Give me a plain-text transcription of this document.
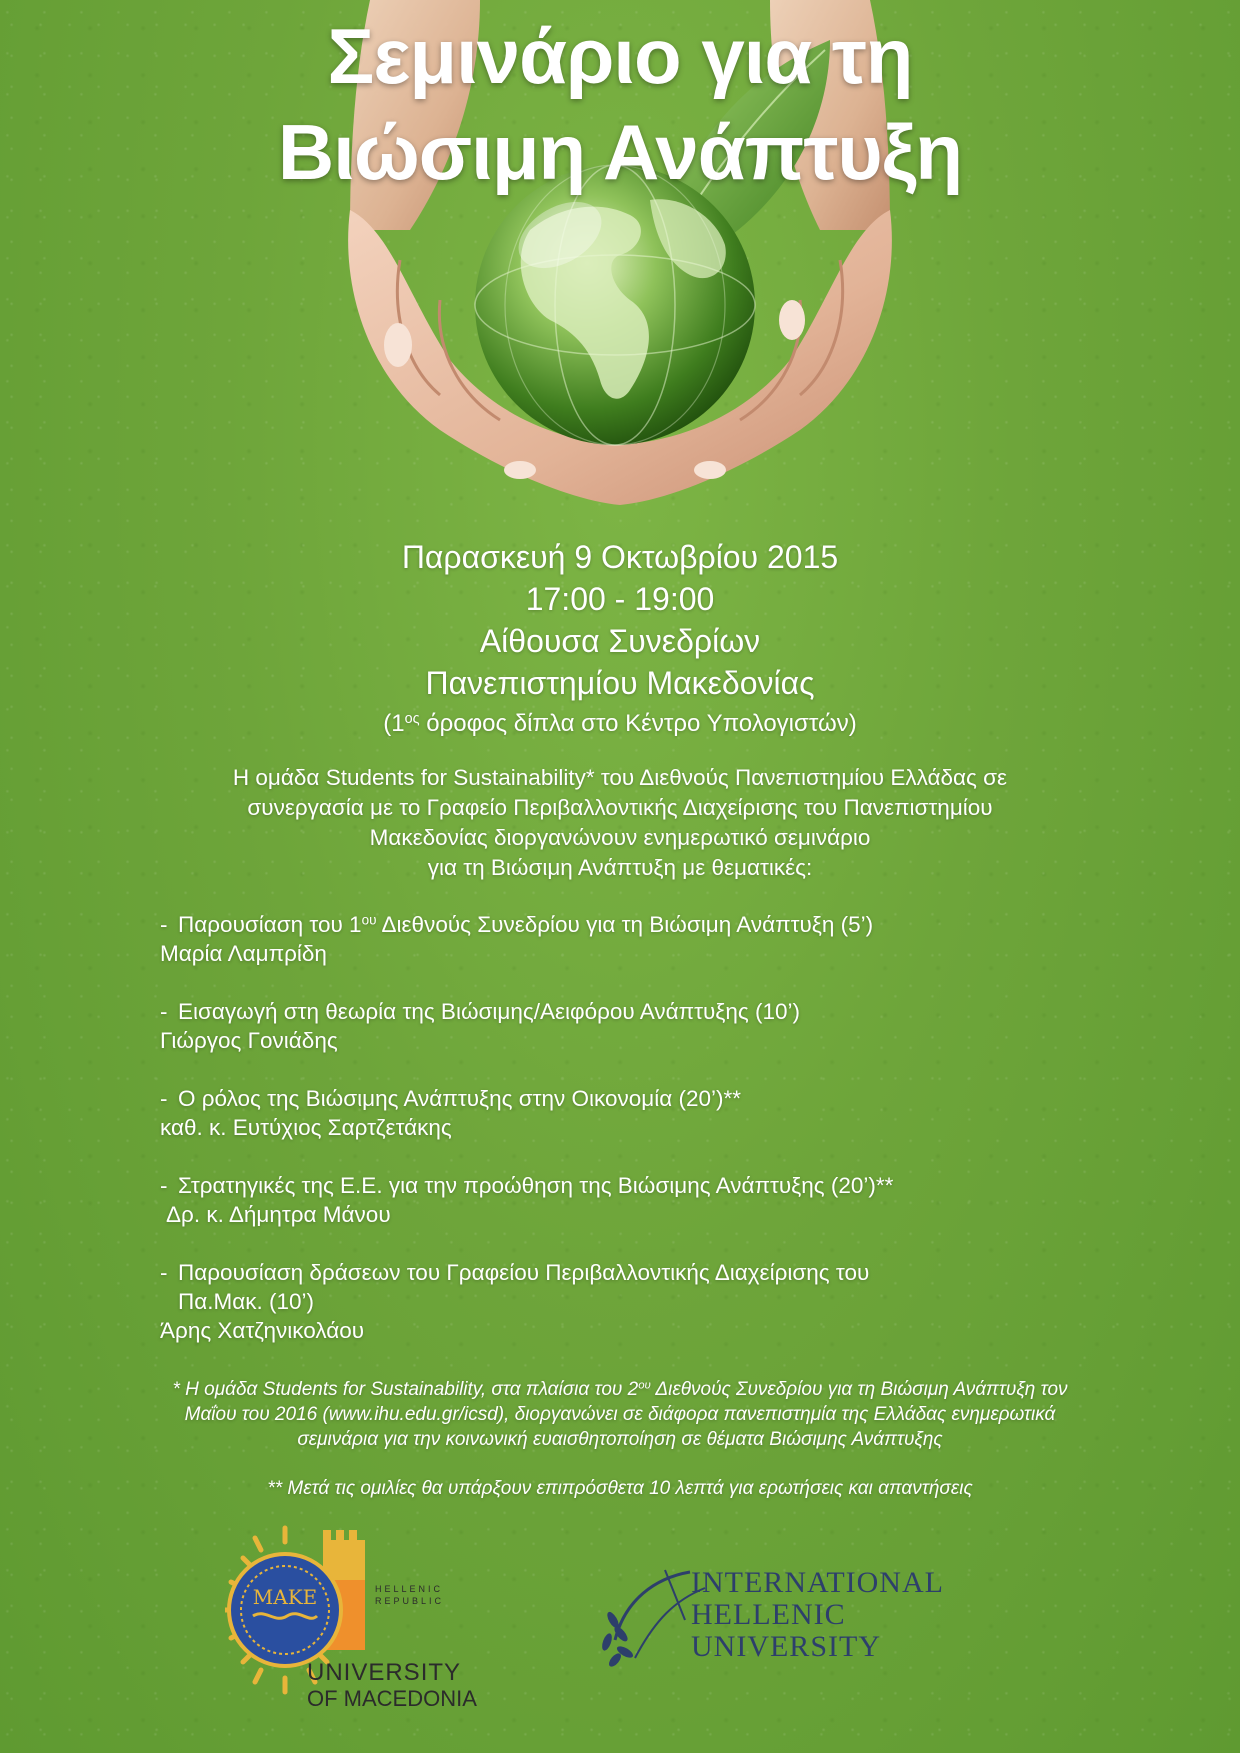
Σεμινάριο για τη
Βιώσιμη Ανάπτυξη
Παρασκευή 9 Οκτωβρίου 2015
17:00 - 19:00
Αίθουσα Συνεδρίων
Πανεπιστημίου Μακεδονίας
($1^{o\varsigma}$ όροφος δίπλα στο Κέντρο Υπολογιστών)
Η ομάδα Students for Sustainability* του Διεθνούς Πανεπιστημίου Ελλάδας σε
συνεργασία με το Γραφείο Περιβαλλοντικής Διαχείρισης του Πανεπιστημίου
Μακεδονίας διοργανώνουν ενημερωτικό σεμινάριο
για τη Βιώσιμη Ανάπτυξη με θεματικές:
- Παρουσίαση του $1^{o\upsilon}$ Διεθνούς Συνεδρίου για τη Βιώσιμη Ανάπτυξη (5’)
Μαρία Λαμπρίδη
- Εισαγωγή στη θεωρία της Βιώσιμης/Αειφόρου Ανάπτυξης (10’)
Γιώργος Γονιάδης
- Ο ρόλος της Βιώσιμης Ανάπτυξης στην Οικονομία (20’)**
καθ. κ. Ευτύχιος Σαρτζετάκης
- Στρατηγικές της Ε.Ε. για την προώθηση της Βιώσιμης Ανάπτυξης (20’)**
Δρ. κ. Δήμητρα Μάνου
- Παρουσίαση δράσεων του Γραφείου Περιβαλλοντικής Διαχείρισης του
Πα.Μακ. (10’)
Άρης Χατζηνικολάου
* Η ομάδα Students for Sustainability, στα πλαίσια του $2^{o\upsilon}$ Διεθνούς Συνεδρίου για τη Βιώσιμη Ανάπτυξη τον
Μαΐου του 2016 (www.ihu.edu.gr/icsd), διοργανώνει σε διάφορα πανεπιστημία της Ελλάδας ενημερωτικά
σεμινάρια για την κοινωνική ευαισθητοποίηση σε θέματα Βιώσιμης Ανάπτυξης
** Μετά τις ομιλίες θα υπάρξουν επιπρόσθετα 10 λεπτά για ερωτήσεις και απαντήσεις
ΜΑΚΕ	HELLENIC
REPUBLIC
UNIVERSITY
OF MACEDONIA
INTERNATIONAL
HELLENIC
UNIVERSITY
